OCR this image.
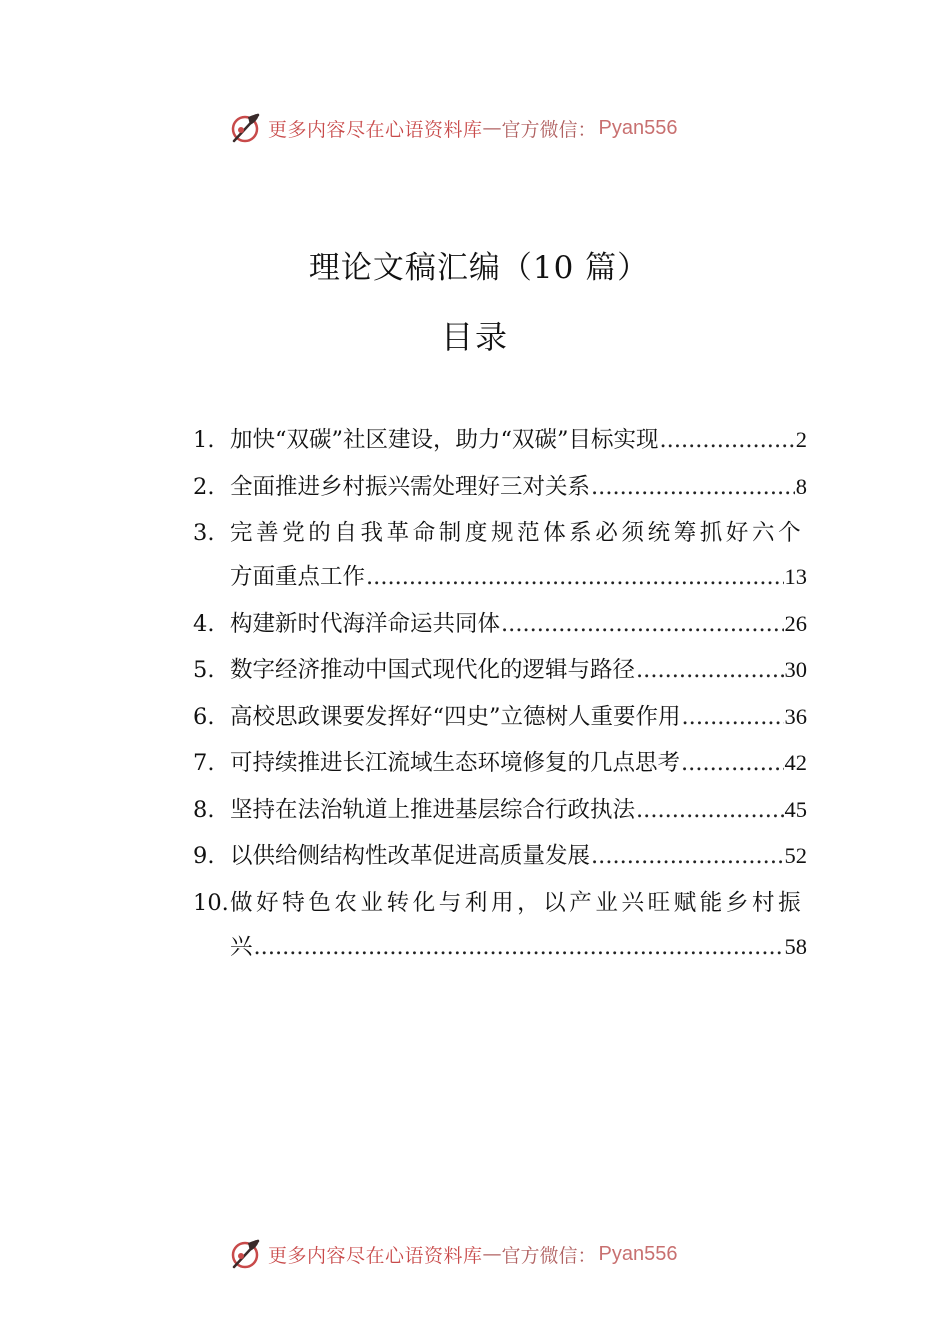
更多内容尽在心语资料库 — 官方微信： Pyan556
理论文稿汇编（10 篇）
目录
1. 加快“双碳”社区建设，助力“双碳”目标实现 .....	2
2. 全面推进乡村振兴需处理好三对关系 .....	8
3. 完善党的自我革命制度规范体系必须统筹抓好六个
方面重点工作 .....	13
4. 构建新时代海洋命运共同体 .....	26
5. 数字经济推动中国式现代化的逻辑与路径 .....	30
6. 高校思政课要发挥好“四史”立德树人重要作用 .....	36
7. 可持续推进长江流域生态环境修复的几点思考 .....	42
8. 坚持在法治轨道上推进基层综合行政执法 .....	45
9. 以供给侧结构性改革促进高质量发展 .....	52
10. 做好特色农业转化与利用，以产业兴旺赋能乡村振
兴 .....	58
更多内容尽在心语资料库 — 官方微信： Pyan556
